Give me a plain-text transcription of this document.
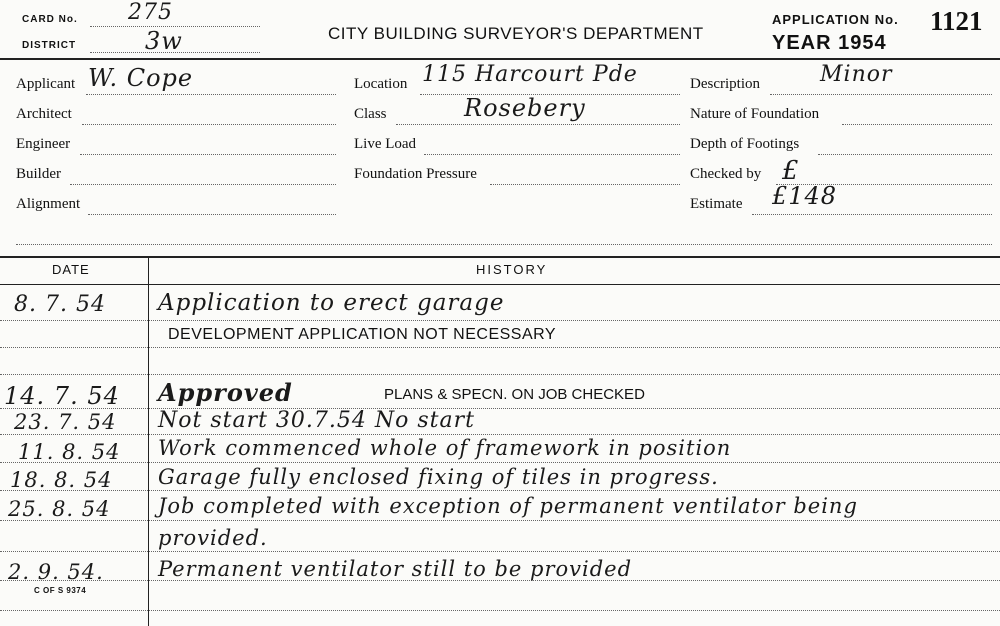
CARD No. 275
DISTRICT	3w	CITY BUILDING SURVEYOR'S DEPARTMENT
APPLICATION No. 1121
YEAR 1954
Applicant W. Cope
Architect
Engineer
Builder
Alignment
Location 115 Harcourt Pde
Class	Rosebery
Live Load
Foundation Pressure
Description	Minor
Nature of Foundation
Depth of Footings
Checked by £
Estimate £148
DATE	HISTORY
8. 7. 54 Application to erect garage
DEVELOPMENT APPLICATION NOT NECESSARY
14. 7. 54 Approved	PLANS & SPECN. ON JOB CHECKED
23. 7. 54 Not start 30.7.54 No start
11. 8. 54 Work commenced whole of framework in position
18. 8. 54 Garage fully enclosed fixing of tiles in progress.
25. 8. 54 Job completed with exception of permanent ventilator being
provided.
2. 9. 54.	Permanent ventilator still to be provided
C OF S 9374
